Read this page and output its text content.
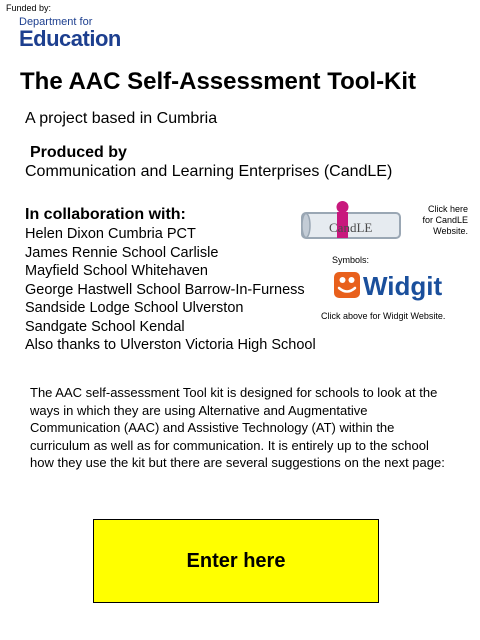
Funded by:
Department for
Education
The AAC Self-Assessment Tool-Kit
A project based in Cumbria
Produced by
Communication and Learning Enterprises (CandLE)
In collaboration with:
Helen Dixon Cumbria PCT
James Rennie School Carlisle
Mayfield School Whitehaven
George Hastwell School Barrow-In-Furness
Sandside Lodge School Ulverston
Sandgate School Kendal
Also thanks to Ulverston Victoria High School
CandLE
Click here
for CandLE
Website.
Symbols:
Widgit
Click above for Widgit Website.
The AAC self-assessment Tool kit is designed for schools to look at the ways in which they are using Alternative and Augmentative Communication (AAC) and Assistive Technology (AT) within the curriculum as well as for communication. It is entirely up to the school how they use the kit but there are several suggestions on the next page:
Enter here
